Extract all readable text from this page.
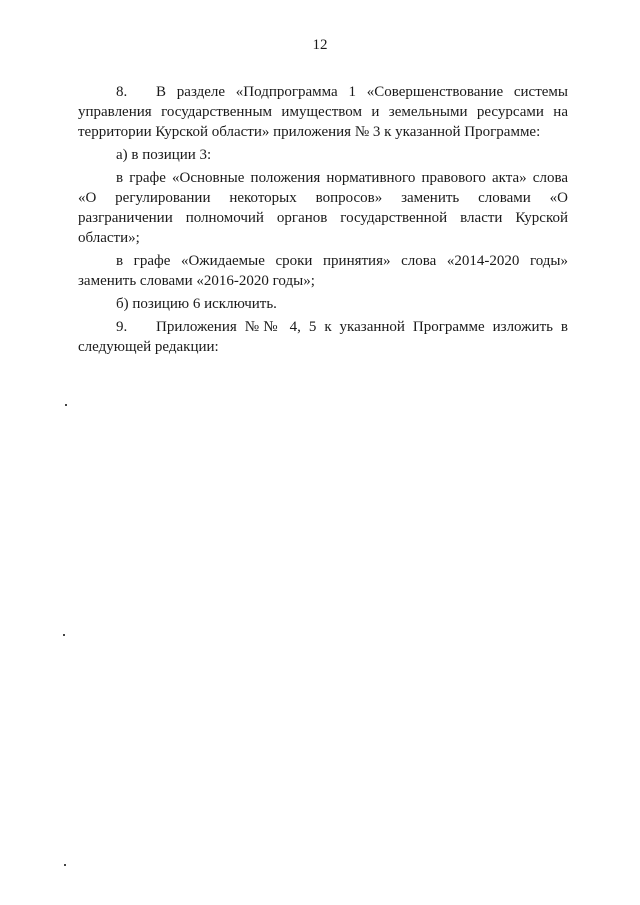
12

8. В разделе «Подпрограмма 1 «Совершенствование системы управления государственным имуществом и земельными ресурсами на территории Курской области» приложения № 3 к указанной Программе:

а) в позиции 3:

в графе «Основные положения нормативного правового акта» слова «О регулировании некоторых вопросов» заменить словами «О разграничении полномочий органов государственной власти Курской области»;

в графе «Ожидаемые сроки принятия» слова «2014-2020 годы» заменить словами «2016-2020 годы»;

б) позицию 6 исключить.

9. Приложения №№ 4, 5 к указанной Программе изложить в следующей редакции:
